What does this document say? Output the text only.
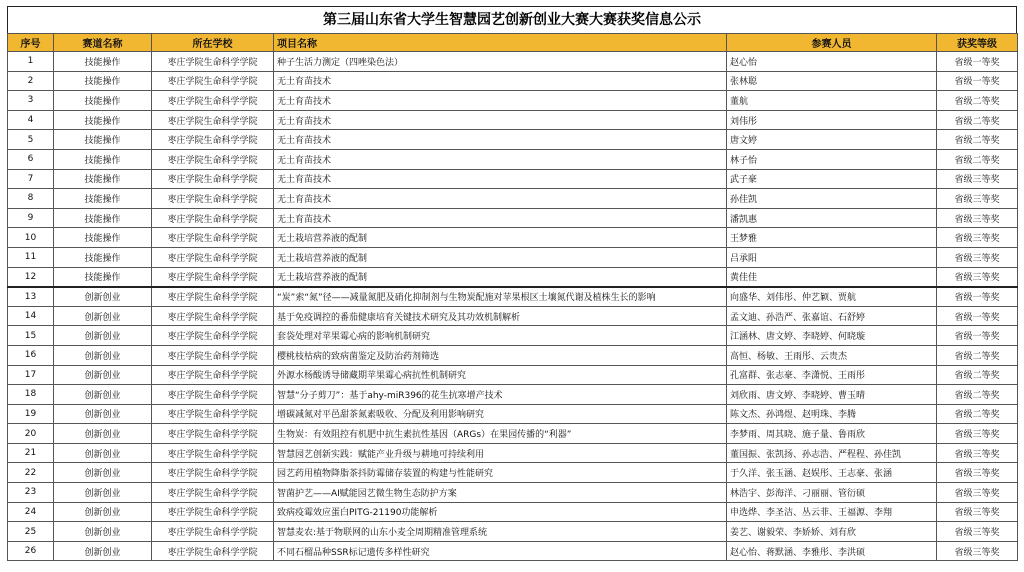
第三届山东省大学生智慧园艺创新创业大赛大赛获奖信息公示
序号	赛道名称	所在学校	项目名称	参赛人员	获奖等级
1	技能操作	枣庄学院生命科学学院	种子生活力测定（四唑染色法）	赵心怡	省级一等奖
2	技能操作	枣庄学院生命科学学院	无土育苗技术	张林聪	省级一等奖
3	技能操作	枣庄学院生命科学学院	无土育苗技术	董航	省级二等奖
4	技能操作	枣庄学院生命科学学院	无土育苗技术	刘伟彤	省级二等奖
5	技能操作	枣庄学院生命科学学院	无土育苗技术	唐文婷	省级二等奖
6	技能操作	枣庄学院生命科学学院	无土育苗技术	林子怡	省级二等奖
7	技能操作	枣庄学院生命科学学院	无土育苗技术	武子豪	省级三等奖
8	技能操作	枣庄学院生命科学学院	无土育苗技术	孙佳凯	省级三等奖
9	技能操作	枣庄学院生命科学学院	无土育苗技术	潘凯惠	省级三等奖
10	技能操作	枣庄学院生命科学学院	无土栽培营养液的配制	王梦雅	省级三等奖
11	技能操作	枣庄学院生命科学学院	无土栽培营养液的配制	吕承阳	省级三等奖
12	技能操作	枣庄学院生命科学学院	无土栽培营养液的配制	黄佳佳	省级三等奖
13	创新创业	枣庄学院生命科学学院	“炭”索“氮”径——减量氮肥及硝化抑制剂与生物炭配施对苹果根区土壤氮代谢及植株生长的影响	向盛华、刘伟彤、仲艺颖、贾航	省级一等奖
14	创新创业	枣庄学院生命科学学院	基于免疫调控的番茄健康培育关键技术研究及其功效机制解析	孟文迪、孙浩严、张嘉谊、石舒婷	省级一等奖
15	创新创业	枣庄学院生命科学学院	套袋处理对苹果霉心病的影响机制研究	江涵林、唐文婷、李晓婷、何晓璇	省级一等奖
16	创新创业	枣庄学院生命科学学院	樱桃枝枯病的致病菌鉴定及防治药剂筛选	高恒、杨敏、王雨彤、云贵杰	省级二等奖
17	创新创业	枣庄学院生命科学学院	外源水杨酸诱导储藏期苹果霉心病抗性机制研究	孔富群、张志豪、李潇悦、王雨彤	省级二等奖
18	创新创业	枣庄学院生命科学学院	智慧“分子剪刀”：基于ahy-miR396的花生抗寒增产技术	刘欣雨、唐文婷、李晓婷、曹玉晴	省级二等奖
19	创新创业	枣庄学院生命科学学院	增碳减氮对平邑甜茶氮素吸收、分配及利用影响研究	陈文杰、孙鸿煜、赵明珠、李腾	省级二等奖
20	创新创业	枣庄学院生命科学学院	生物炭：有效阻控有机肥中抗生素抗性基因（ARGs）在果园传播的“利器”	李梦雨、周其晓、施子量、鲁雨欣	省级三等奖
21	创新创业	枣庄学院生命科学学院	智慧园艺创新实践：赋能产业升级与耕地可持续利用	董国振、张凯扬、孙志浩、严程程、孙佳凯	省级三等奖
22	创新创业	枣庄学院生命科学学院	园艺药用植物降脂茶抖防霉储存装置的构建与性能研究	于久洋、张玉涵、赵娱彤、王志豪、张涵	省级三等奖
23	创新创业	枣庄学院生命科学学院	智菌护艺——AI赋能园艺微生物生态防护方案	林浩宇、彭海洋、刁丽丽、管衍硕	省级三等奖
24	创新创业	枣庄学院生命科学学院	致病疫霉效应蛋白PITG-21190功能解析	申选烨、李圣洁、丛云菲、王福源、李翔	省级三等奖
25	创新创业	枣庄学院生命科学学院	智慧麦农:基于物联网的山东小麦全周期精准管理系统	姜艺、谢毅荣、李娇娇、刘有欣	省级三等奖
26	创新创业	枣庄学院生命科学学院	不同石榴品种SSR标记遗传多样性研究	赵心怡、蒋默涵、李雅彤、李洪硕	省级三等奖
